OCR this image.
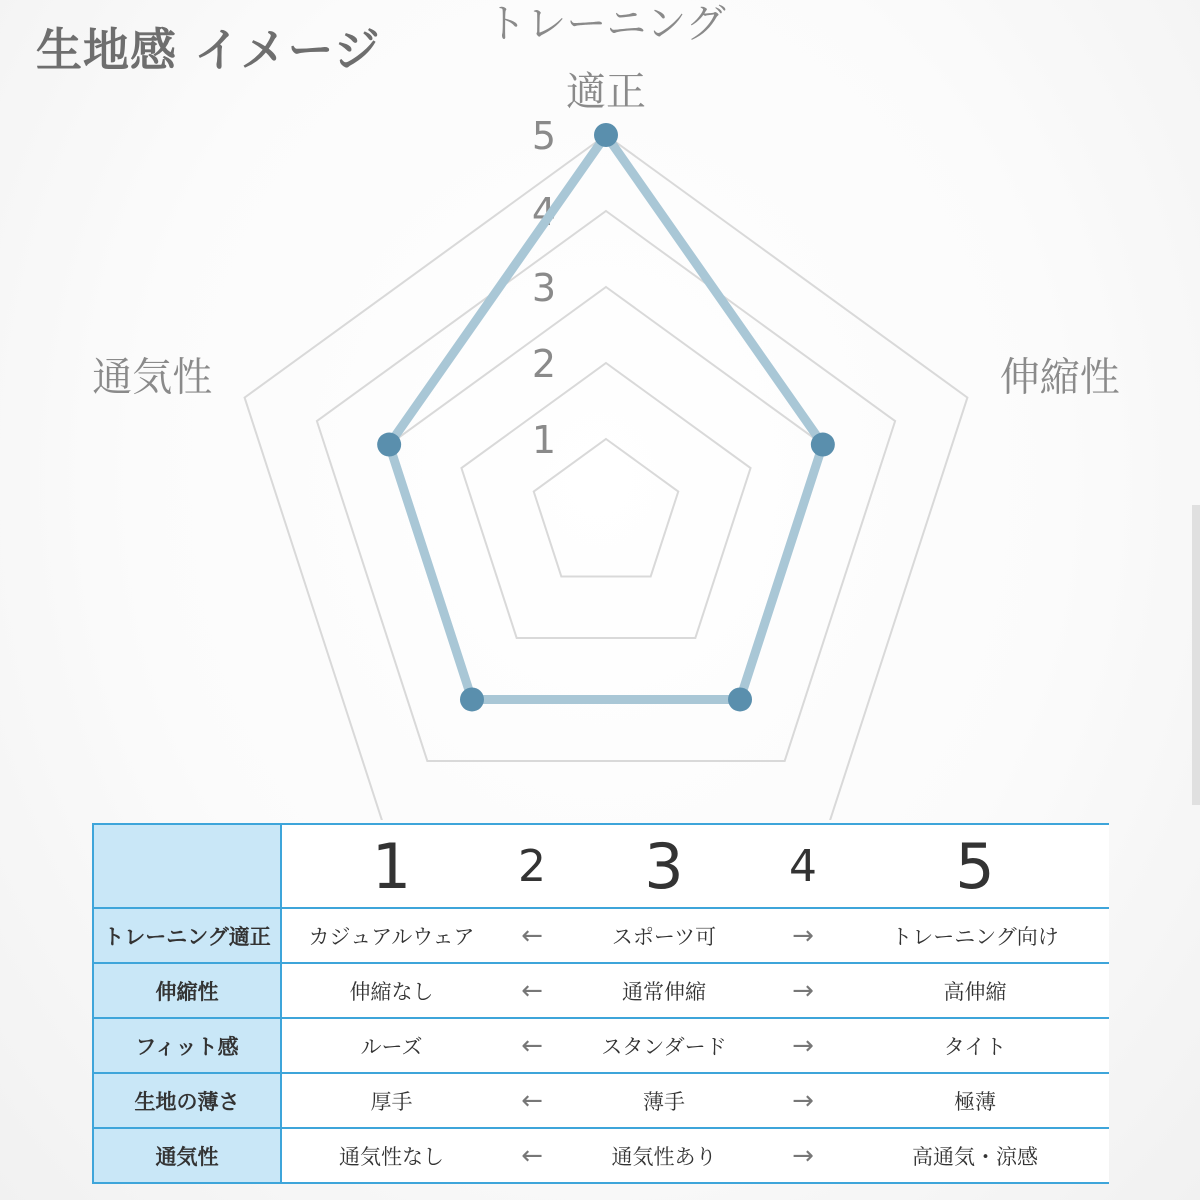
生地感 イメージ
1
2
3
4
5
トレーニング適正
伸縮性
通気性
	1	2	3	4	5
トレーニング適正	カジュアルウェア	←	スポーツ可	→	トレーニング向け
伸縮性	伸縮なし	←	通常伸縮	→	高伸縮
フィット感	ルーズ	←	スタンダード	→	タイト
生地の薄さ	厚手	←	薄手	→	極薄
通気性	通気性なし	←	通気性あり	→	高通気・涼感
